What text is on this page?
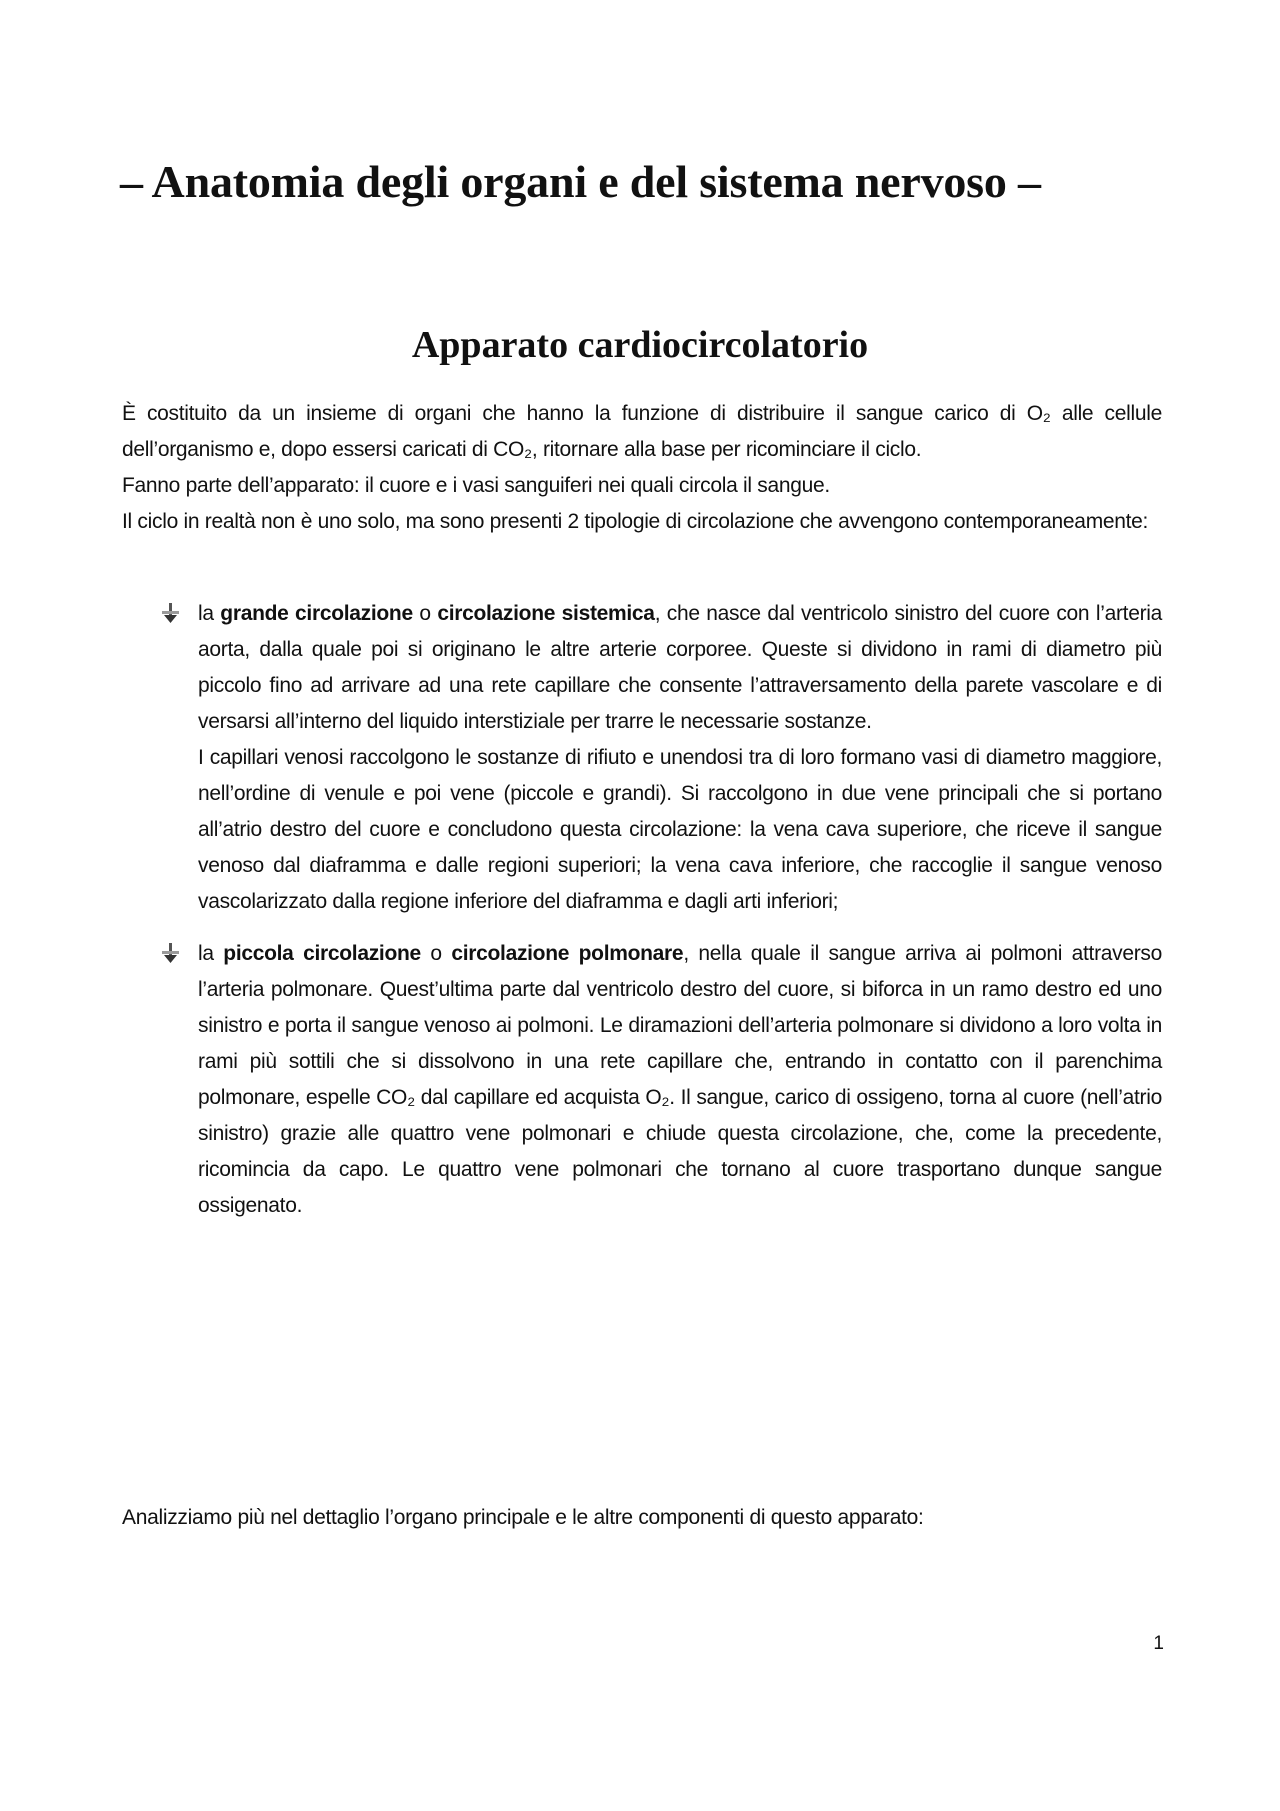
– Anatomia degli organi e del sistema nervoso –
Apparato cardiocircolatorio

È costituito da un insieme di organi che hanno la funzione di distribuire il sangue carico di O₂ alle cellule dell’organismo e, dopo essersi caricati di CO₂, ritornare alla base per ricominciare il ciclo.

Fanno parte dell’apparato: il cuore e i vasi sanguiferi nei quali circola il sangue.

Il ciclo in realtà non è uno solo, ma sono presenti 2 tipologie di circolazione che avvengono contemporaneamente:

la grande circolazione o circolazione sistemica, che nasce dal ventricolo sinistro del cuore con l’arteria aorta, dalla quale poi si originano le altre arterie corporee. Queste si dividono in rami di diametro più piccolo fino ad arrivare ad una rete capillare che consente l’attraversamento della parete vascolare e di versarsi all’interno del liquido interstiziale per trarre le necessarie sostanze.

I capillari venosi raccolgono le sostanze di rifiuto e unendosi tra di loro formano vasi di diametro maggiore, nell’ordine di venule e poi vene (piccole e grandi). Si raccolgono in due vene principali che si portano all’atrio destro del cuore e concludono questa circolazione: la vena cava superiore, che riceve il sangue venoso dal diaframma e dalle regioni superiori; la vena cava inferiore, che raccoglie il sangue venoso vascolarizzato dalla regione inferiore del diaframma e dagli arti inferiori;

la piccola circolazione o circolazione polmonare, nella quale il sangue arriva ai polmoni attraverso l’arteria polmonare. Quest’ultima parte dal ventricolo destro del cuore, si biforca in un ramo destro ed uno sinistro e porta il sangue venoso ai polmoni. Le diramazioni dell’arteria polmonare si dividono a loro volta in rami più sottili che si dissolvono in una rete capillare che, entrando in contatto con il parenchima polmonare, espelle CO₂ dal capillare ed acquista O₂. Il sangue, carico di ossigeno, torna al cuore (nell’atrio sinistro) grazie alle quattro vene polmonari e chiude questa circolazione, che, come la precedente, ricomincia da capo. Le quattro vene polmonari che tornano al cuore trasportano dunque sangue ossigenato.

Analizziamo più nel dettaglio l’organo principale e le altre componenti di questo apparato:

1
